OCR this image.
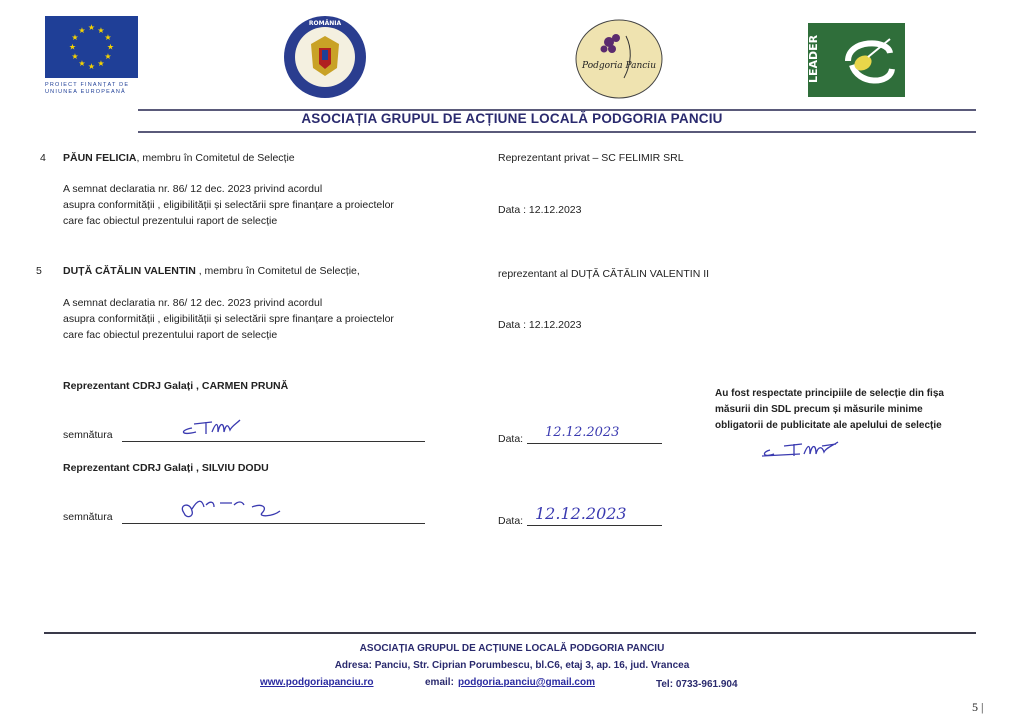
★ ★
★
★
★
★
★
★
★
★
★
★
PROIECT FINANȚAT DE
UNIUNEA EUROPEANĂ
ROMÂNIA
Podgoria Panciu	LEADER
ASOCIAȚIA GRUPUL DE ACȚIUNE LOCALĂ PODGORIA PANCIU
4 PĂUN FELICIA, membru în Comitetul de Selecție
A semnat declaratia nr. 86/ 12 dec. 2023 privind acordul
asupra conformității , eligibilității și selectării spre finanțare a proiectelor
care fac obiectul prezentului raport de selecție
Reprezentant privat – SC FELIMIR SRL
Data : 12.12.2023
5 DUȚĂ CĂTĂLIN VALENTIN , membru în Comitetul de Selecție,
A semnat declaratia nr. 86/ 12 dec. 2023 privind acordul
asupra conformității , eligibilității și selectării spre finanțare a proiectelor
care fac obiectul prezentului raport de selecție
reprezentant al DUȚĂ CĂTĂLIN VALENTIN II
Data : 12.12.2023
Reprezentant CDRJ Galați , CARMEN PRUNĂ
semnătura	Data: 12.12.2023
Reprezentant CDRJ Galați , SILVIU DODU
semnătura	Data: 12.12.2023
Au fost respectate principiile de selecție din fișa
măsurii din SDL precum și măsurile minime
obligatorii de publicitate ale apelului de selecție
ASOCIAȚIA GRUPUL DE ACȚIUNE LOCALĂ PODGORIA PANCIU
Adresa: Panciu, Str. Ciprian Porumbescu, bl.C6, etaj 3, ap. 16, jud. Vrancea
www.podgoriapanciu.ro	email: podgoria.panciu@gmail.com	Tel: 0733-961.904
5 |
